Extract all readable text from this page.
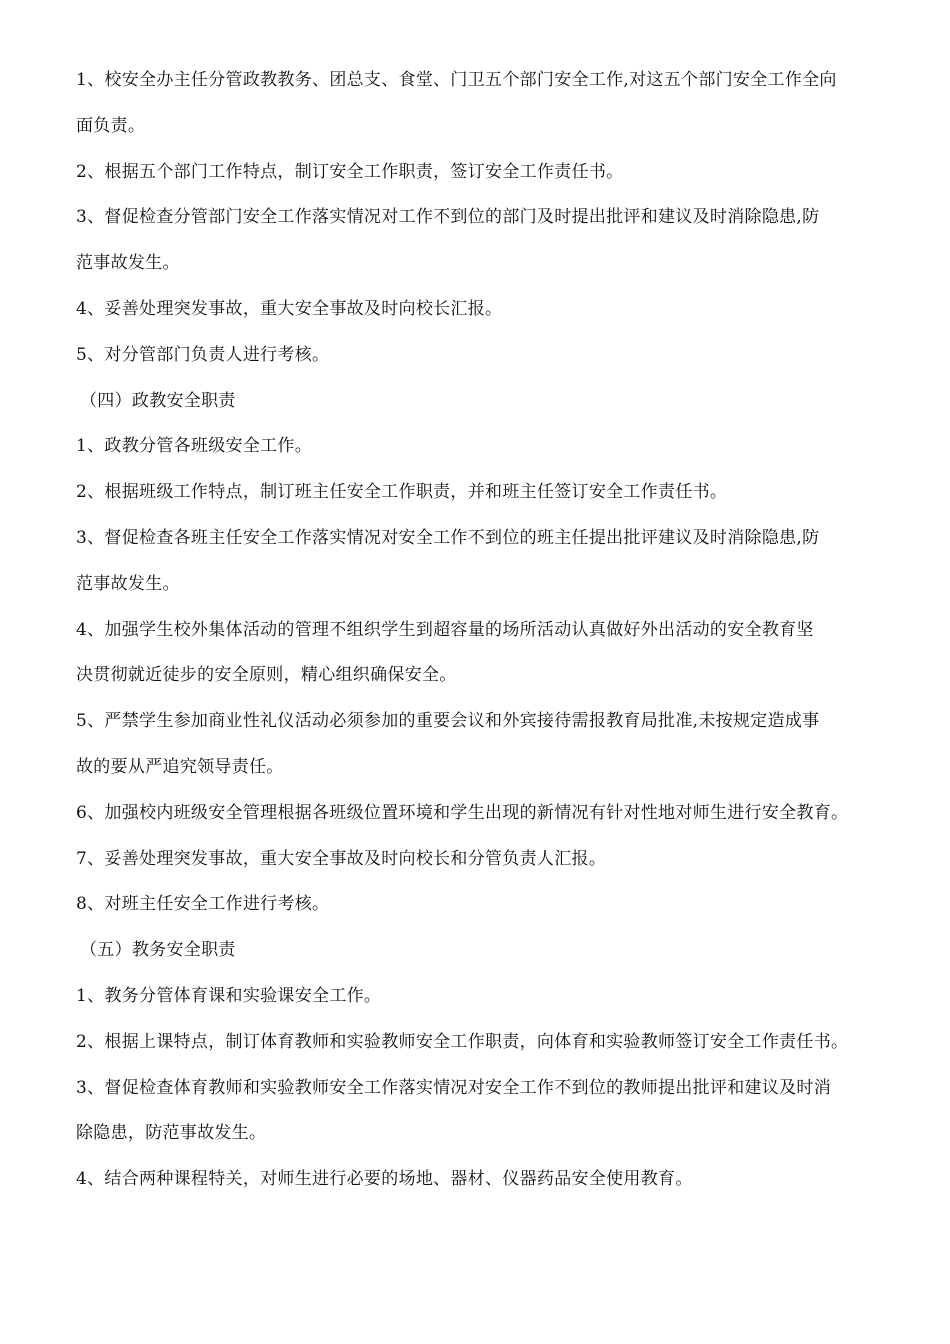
1、校安全办主任分管政教教务、团总支、食堂、门卫五个部门安全工作,对这五个部门安全工作全向
面负责。
2、根据五个部门工作特点，制订安全工作职责，签订安全工作责任书。
3、督促检查分管部门安全工作落实情况对工作不到位的部门及时提出批评和建议及时消除隐患,防
范事故发生。
4、妥善处理突发事故，重大安全事故及时向校长汇报。
5、对分管部门负责人进行考核。
（四）政教安全职责
1、政教分管各班级安全工作。
2、根据班级工作特点，制订班主任安全工作职责，并和班主任签订安全工作责任书。
3、督促检查各班主任安全工作落实情况对安全工作不到位的班主任提出批评建议及时消除隐患,防
范事故发生。
4、加强学生校外集体活动的管理不组织学生到超容量的场所活动认真做好外出活动的安全教育坚
决贯彻就近徒步的安全原则，精心组织确保安全。
5、严禁学生参加商业性礼仪活动必须参加的重要会议和外宾接待需报教育局批准,未按规定造成事
故的要从严追究领导责任。
6、加强校内班级安全管理根据各班级位置环境和学生出现的新情况有针对性地对师生进行安全教育。
7、妥善处理突发事故，重大安全事故及时向校长和分管负责人汇报。
8、对班主任安全工作进行考核。
（五）教务安全职责
1、教务分管体育课和实验课安全工作。
2、根据上课特点，制订体育教师和实验教师安全工作职责，向体育和实验教师签订安全工作责任书。
3、督促检查体育教师和实验教师安全工作落实情况对安全工作不到位的教师提出批评和建议及时消
除隐患，防范事故发生。
4、结合两种课程特关，对师生进行必要的场地、器材、仪器药品安全使用教育。
